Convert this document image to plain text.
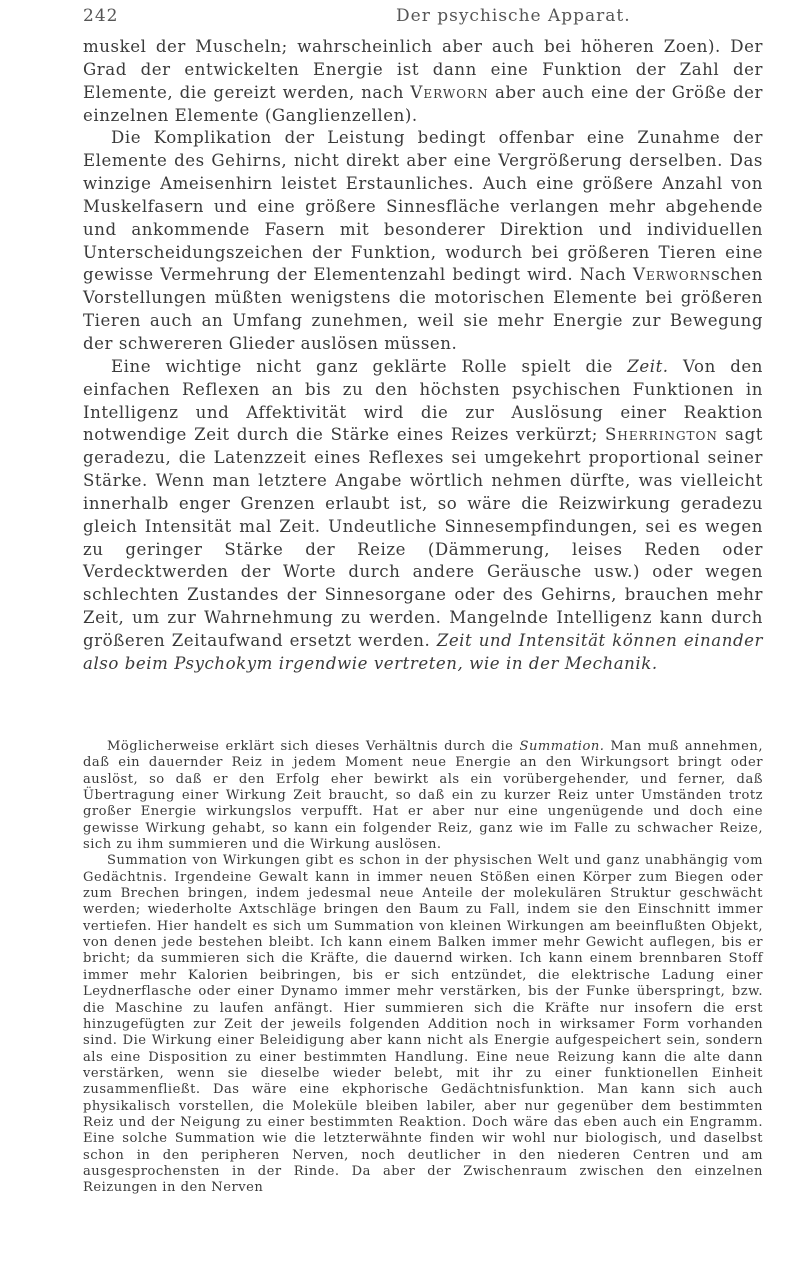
242	Der psychische Apparat.

muskel der Muscheln; wahrscheinlich aber auch bei höheren Zoen). Der Grad der entwickelten Energie ist dann eine Funktion der Zahl der Elemente, die gereizt werden, nach Verworn aber auch eine der Größe der einzelnen Elemente (Ganglienzellen).

Die Komplikation der Leistung bedingt offenbar eine Zunahme der Elemente des Gehirns, nicht direkt aber eine Vergrößerung derselben. Das winzige Ameisenhirn leistet Erstaunliches. Auch eine größere Anzahl von Muskelfasern und eine größere Sinnesfläche verlangen mehr abgehende und ankommende Fasern mit besonderer Direktion und individuellen Unterscheidungszeichen der Funktion, wodurch bei größeren Tieren eine gewisse Vermehrung der Elementenzahl bedingt wird. Nach Verwornschen Vorstellungen müßten wenigstens die motorischen Elemente bei größeren Tieren auch an Umfang zunehmen, weil sie mehr Energie zur Bewegung der schwereren Glieder auslösen müssen.

Eine wichtige nicht ganz geklärte Rolle spielt die Zeit. Von den einfachen Reflexen an bis zu den höchsten psychischen Funktionen in Intelligenz und Affektivität wird die zur Auslösung einer Reaktion notwendige Zeit durch die Stärke eines Reizes verkürzt; Sherrington sagt geradezu, die Latenzzeit eines Reflexes sei umgekehrt proportional seiner Stärke. Wenn man letztere Angabe wörtlich nehmen dürfte, was vielleicht innerhalb enger Grenzen erlaubt ist, so wäre die Reizwirkung geradezu gleich Intensität mal Zeit. Undeutliche Sinnesempfindungen, sei es wegen zu geringer Stärke der Reize (Dämmerung, leises Reden oder Verdecktwerden der Worte durch andere Geräusche usw.) oder wegen schlechten Zustandes der Sinnesorgane oder des Gehirns, brauchen mehr Zeit, um zur Wahrnehmung zu werden. Mangelnde Intelligenz kann durch größeren Zeitaufwand ersetzt werden. Zeit und Intensität können einander also beim Psychokym irgendwie vertreten, wie in der Mechanik.

Möglicherweise erklärt sich dieses Verhältnis durch die Summation. Man muß annehmen, daß ein dauernder Reiz in jedem Moment neue Energie an den Wirkungsort bringt oder auslöst, so daß er den Erfolg eher bewirkt als ein vorübergehender, und ferner, daß Übertragung einer Wirkung Zeit braucht, so daß ein zu kurzer Reiz unter Umständen trotz großer Energie wirkungslos verpufft. Hat er aber nur eine ungenügende und doch eine gewisse Wirkung gehabt, so kann ein folgender Reiz, ganz wie im Falle zu schwacher Reize, sich zu ihm summieren und die Wirkung auslösen.

Summation von Wirkungen gibt es schon in der physischen Welt und ganz unabhängig vom Gedächtnis. Irgendeine Gewalt kann in immer neuen Stößen einen Körper zum Biegen oder zum Brechen bringen, indem jedesmal neue Anteile der molekulären Struktur geschwächt werden; wiederholte Axtschläge bringen den Baum zu Fall, indem sie den Einschnitt immer vertiefen. Hier handelt es sich um Summation von kleinen Wirkungen am beeinflußten Objekt, von denen jede bestehen bleibt. Ich kann einem Balken immer mehr Gewicht auflegen, bis er bricht; da summieren sich die Kräfte, die dauernd wirken. Ich kann einem brennbaren Stoff immer mehr Kalorien beibringen, bis er sich entzündet, die elektrische Ladung einer Leydnerflasche oder einer Dynamo immer mehr verstärken, bis der Funke überspringt, bzw. die Maschine zu laufen anfängt. Hier summieren sich die Kräfte nur insofern die erst hinzugefügten zur Zeit der jeweils folgenden Addition noch in wirksamer Form vorhanden sind. Die Wirkung einer Beleidigung aber kann nicht als Energie aufgespeichert sein, sondern als eine Disposition zu einer bestimmten Handlung. Eine neue Reizung kann die alte dann verstärken, wenn sie dieselbe wieder belebt, mit ihr zu einer funktionellen Einheit zusammenfließt. Das wäre eine ekphorische Gedächtnisfunktion. Man kann sich auch physikalisch vorstellen, die Moleküle bleiben labiler, aber nur gegenüber dem bestimmten Reiz und der Neigung zu einer bestimmten Reaktion. Doch wäre das eben auch ein Engramm. Eine solche Summation wie die letzterwähnte finden wir wohl nur biologisch, und daselbst schon in den peripheren Nerven, noch deutlicher in den niederen Centren und am ausgesprochensten in der Rinde. Da aber der Zwischenraum zwischen den einzelnen Reizungen in den Nerven
